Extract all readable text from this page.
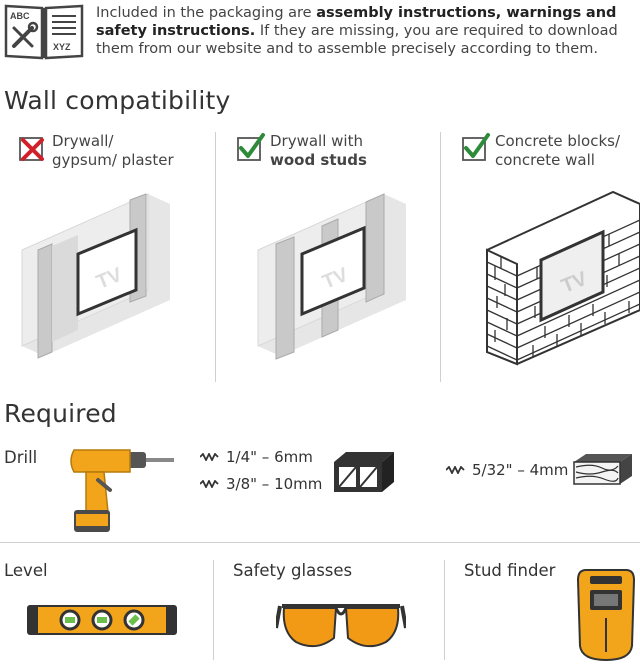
ABC
XYZ
Included in the packaging are assembly instructions, warnings and safety instructions. If they are missing, you are required to download them from our website and to assemble precisely according to them.
Wall compatibility
Drywall/
gypsum/ plaster
TV
Drywall with
wood studs
TV
Concrete blocks/
concrete wall
TV
Required
Drill	1/4" – 6mm
3/8" – 10mm
5/32" – 4mm
Level	Safety glasses	Stud finder
